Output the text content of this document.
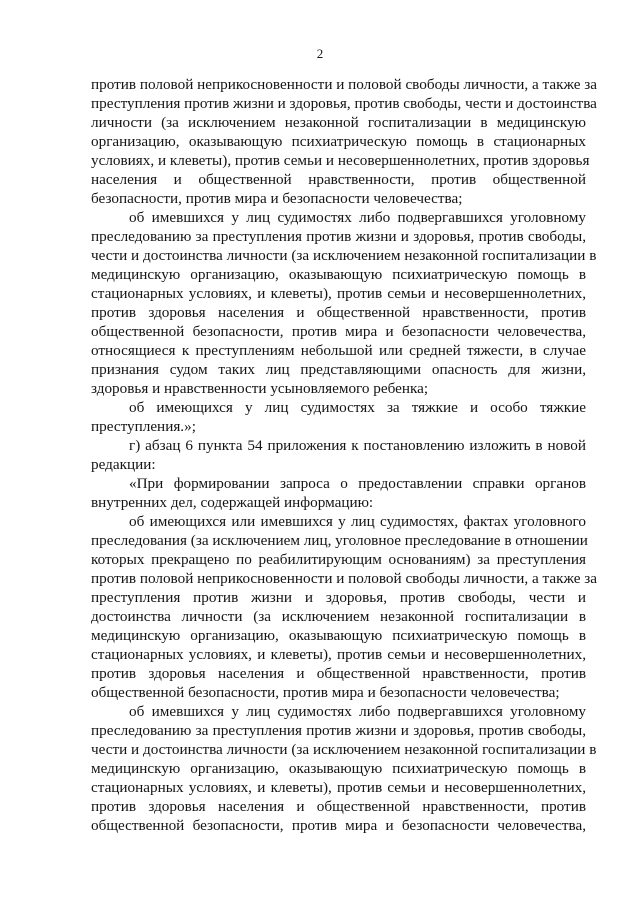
2
против половой неприкосновенности и половой свободы личности, а также за
преступления против жизни и здоровья, против свободы, чести и достоинства
личности (за исключением незаконной госпитализации в медицинскую
организацию, оказывающую психиатрическую помощь в стационарных
условиях, и клеветы), против семьи и несовершеннолетних, против здоровья
населения и общественной нравственности, против общественной
безопасности, против мира и безопасности человечества;
об имевшихся у лиц судимостях либо подвергавшихся уголовному
преследованию за преступления против жизни и здоровья, против свободы,
чести и достоинства личности (за исключением незаконной госпитализации в
медицинскую организацию, оказывающую психиатрическую помощь в
стационарных условиях, и клеветы), против семьи и несовершеннолетних,
против здоровья населения и общественной нравственности, против
общественной безопасности, против мира и безопасности человечества,
относящиеся к преступлениям небольшой или средней тяжести, в случае
признания судом таких лиц представляющими опасность для жизни,
здоровья и нравственности усыновляемого ребенка;
об имеющихся у лиц судимостях за тяжкие и особо тяжкие
преступления.»;
г) абзац 6 пункта 54 приложения к постановлению изложить в новой
редакции:
«При формировании запроса о предоставлении справки органов
внутренних дел, содержащей информацию:
об имеющихся или имевшихся у лиц судимостях, фактах уголовного
преследования (за исключением лиц, уголовное преследование в отношении
которых прекращено по реабилитирующим основаниям) за преступления
против половой неприкосновенности и половой свободы личности, а также за
преступления против жизни и здоровья, против свободы, чести и
достоинства личности (за исключением незаконной госпитализации в
медицинскую организацию, оказывающую психиатрическую помощь в
стационарных условиях, и клеветы), против семьи и несовершеннолетних,
против здоровья населения и общественной нравственности, против
общественной безопасности, против мира и безопасности человечества;
об имевшихся у лиц судимостях либо подвергавшихся уголовному
преследованию за преступления против жизни и здоровья, против свободы,
чести и достоинства личности (за исключением незаконной госпитализации в
медицинскую организацию, оказывающую психиатрическую помощь в
стационарных условиях, и клеветы), против семьи и несовершеннолетних,
против здоровья населения и общественной нравственности, против
общественной безопасности, против мира и безопасности человечества,
